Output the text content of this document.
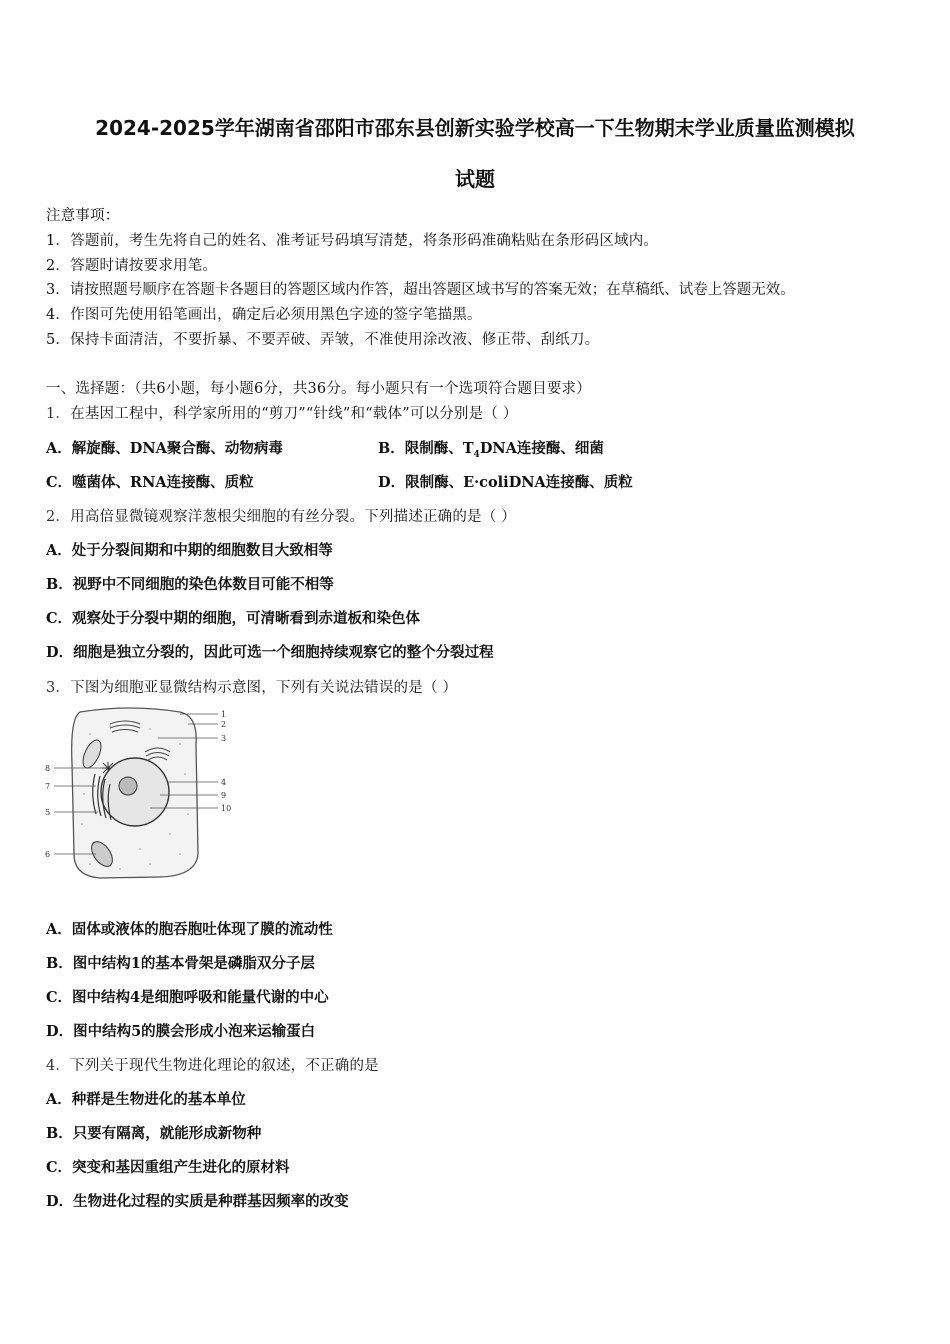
2024-2025学年湖南省邵阳市邵东县创新实验学校高一下生物期末学业质量监测模拟
试题
注意事项：
1．答题前，考生先将自己的姓名、准考证号码填写清楚，将条形码准确粘贴在条形码区域内。
2．答题时请按要求用笔。
3．请按照题号顺序在答题卡各题目的答题区域内作答，超出答题区域书写的答案无效；在草稿纸、试卷上答题无效。
4．作图可先使用铅笔画出，确定后必须用黑色字迹的签字笔描黑。
5．保持卡面清洁，不要折暴、不要弄破、弄皱，不准使用涂改液、修正带、刮纸刀。
一、选择题：（共6小题，每小题6分，共36分。每小题只有一个选项符合题目要求）
1．在基因工程中，科学家所用的“剪刀”“针线”和“载体”可以分别是（ ）
A．解旋酶、DNA聚合酶、动物病毒	B．限制酶、$T_4DNA$连接酶、细菌
C．噬菌体、RNA连接酶、质粒	D．限制酶、E·coliDNA连接酶、质粒
2．用高倍显微镜观察洋葱根尖细胞的有丝分裂。下列描述正确的是（ ）
A．处于分裂间期和中期的细胞数目大致相等
B．视野中不同细胞的染色体数目可能不相等
C．观察处于分裂中期的细胞，可清晰看到赤道板和染色体
D．细胞是独立分裂的，因此可选一个细胞持续观察它的整个分裂过程
3．下图为细胞亚显微结构示意图，下列有关说法错误的是（ ）
1
2
3
4
9
10
8
7
5
6
A．固体或液体的胞吞胞吐体现了膜的流动性
B．图中结构1的基本骨架是磷脂双分子层
C．图中结构4是细胞呼吸和能量代谢的中心
D．图中结构5的膜会形成小泡来运输蛋白
4．下列关于现代生物进化理论的叙述，不正确的是
A．种群是生物进化的基本单位
B．只要有隔离，就能形成新物种
C．突变和基因重组产生进化的原材料
D．生物进化过程的实质是种群基因频率的改变
